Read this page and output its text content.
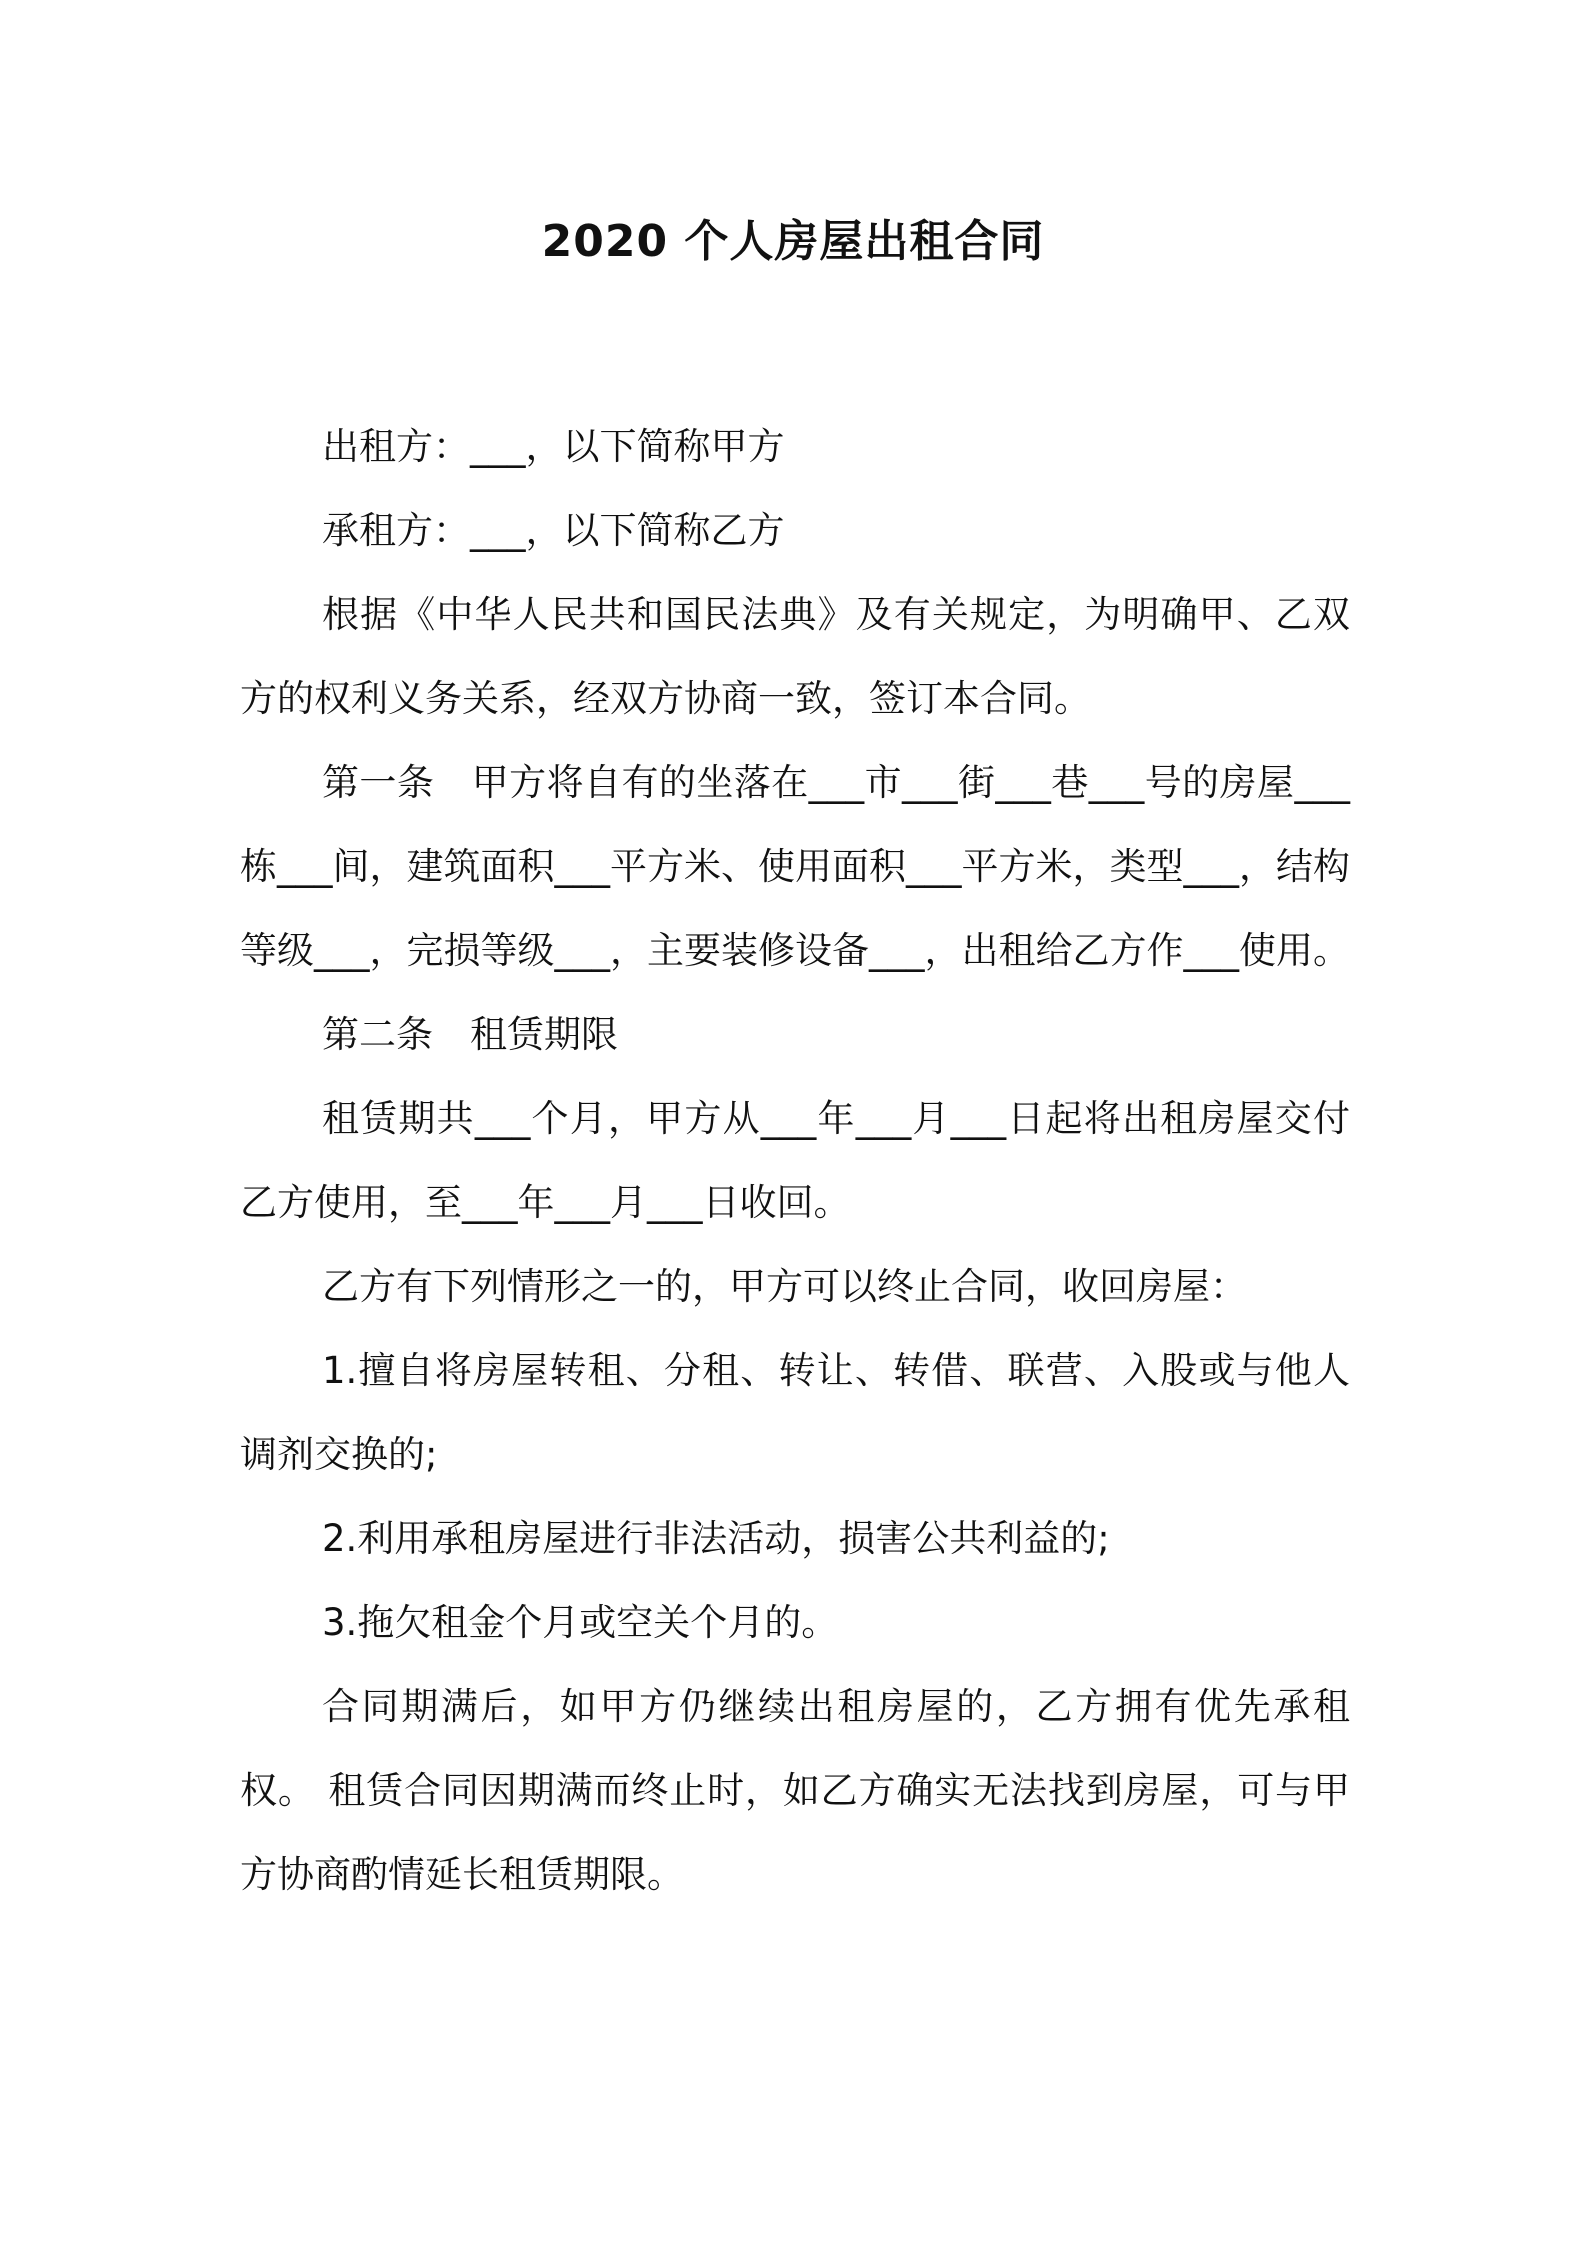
2020 个人房屋出租合同

出租方：___，以下简称甲方

承租方：___，以下简称乙方

根据《中华人民共和国民法典》及有关规定，为明确甲、乙双方的权利义务关系，经双方协商一致，签订本合同。

第一条　甲方将自有的坐落在___市___街___巷___号的房屋___栋___间，建筑面积___平方米、使用面积___平方米，类型___，结构等级___，完损等级___，主要装修设备___，出租给乙方作___使用。

第二条　租赁期限

租赁期共___个月，甲方从___年___月___日起将出租房屋交付乙方使用，至___年___月___日收回。

乙方有下列情形之一的，甲方可以终止合同，收回房屋：

1.擅自将房屋转租、分租、转让、转借、联营、入股或与他人调剂交换的;

2.利用承租房屋进行非法活动，损害公共利益的;

3.拖欠租金个月或空关个月的。

合同期满后，如甲方仍继续出租房屋的，乙方拥有优先承租权。 租赁合同因期满而终止时，如乙方确实无法找到房屋，可与甲方协商酌情延长租赁期限。
